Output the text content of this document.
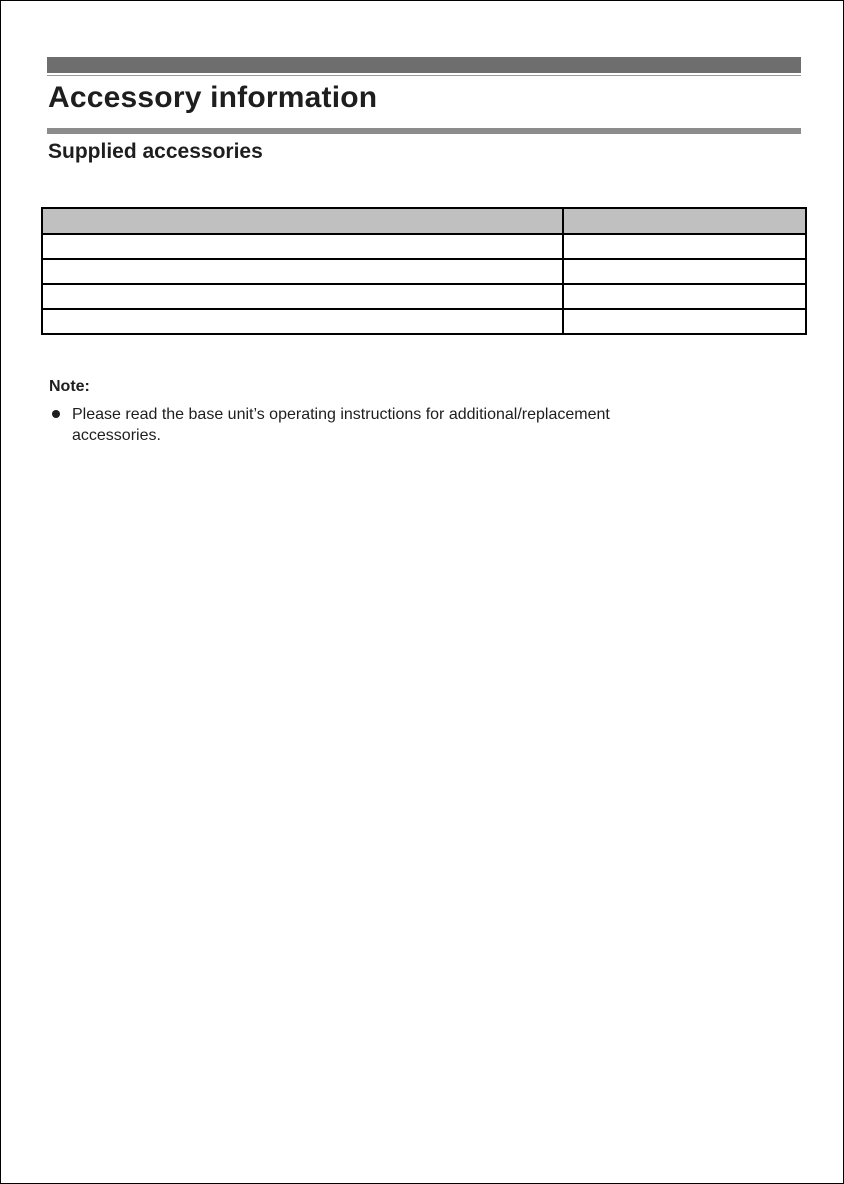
Accessory information
Supplied accessories

Note:

Please read the base unit’s operating instructions for additional/replacement accessories.
